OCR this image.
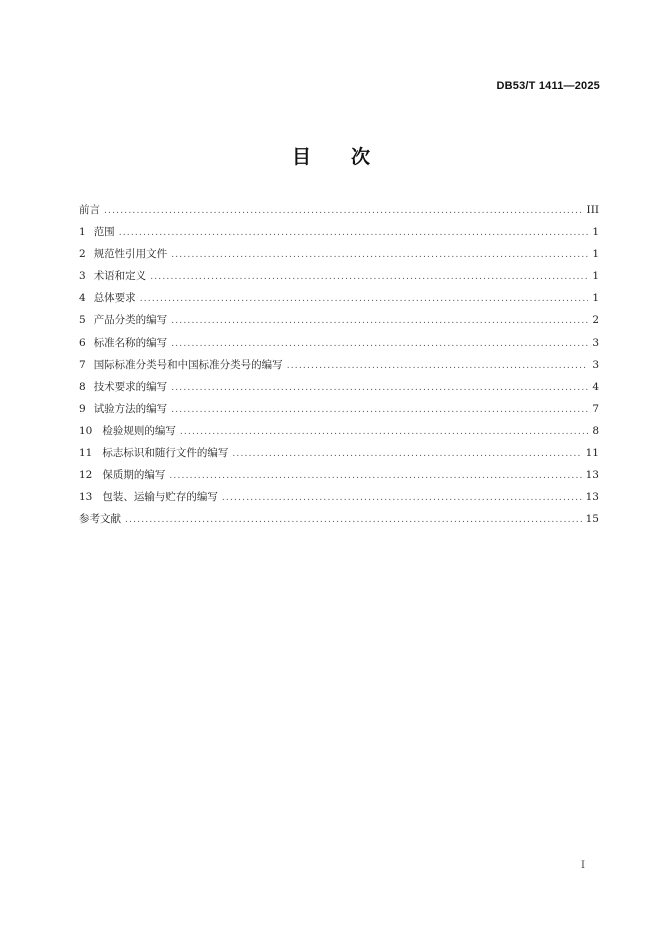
DB53/T 1411—2025
目 次
前言 .....	III
1 范围 .....	1
2 规范性引用文件 .....	1
3 术语和定义 .....	1
4 总体要求 .....	1
5 产品分类的编写 .....	2
6 标准名称的编写 .....	3
7 国际标准分类号和中国标准分类号的编写 .....	3
8 技术要求的编写 .....	4
9 试验方法的编写 .....	7
10 检验规则的编写 .....	8
11 标志标识和随行文件的编写 .....	11
12 保质期的编写 .....	13
13 包装、运输与贮存的编写 .....	13
参考文献 .....	15
I
